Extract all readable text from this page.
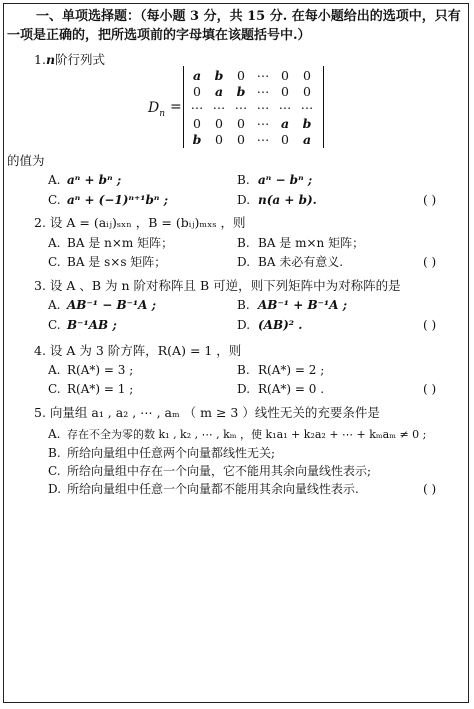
一、单项选择题：（每小题 3 分，共 15 分. 在每小题给出的选项中，只有
一项是正确的，把所选项前的字母填在该题括号中.）
1.n阶行列式
$D_n$ =
a	b	0 ⋯ 0	0
0	a	b ⋯ 0	0
⋯ ⋯ ⋯ ⋯ ⋯ ⋯
0	0	0 ⋯ a	b
b	0	0 ⋯ 0	a
的值为
A. aⁿ + bⁿ ;	B. aⁿ − bⁿ ;
C. aⁿ + (−1)ⁿ⁺¹bⁿ ;	D. n(a + b).	( )
2. 设 A = (aᵢⱼ)ₛₓₙ ，B = (bᵢⱼ)ₘₓₛ ，则
A. BA 是 n×m 矩阵；	B. BA 是 m×n 矩阵；
C. BA 是 s×s 矩阵；	D. BA 未必有意义.	( )
3. 设 A 、B 为 n 阶对称阵且 B 可逆，则下列矩阵中为对称阵的是
A. AB⁻¹ − B⁻¹A ;	B. AB⁻¹ + B⁻¹A ;
C. B⁻¹AB ;	D. (AB)² .	( )
4. 设 A 为 3 阶方阵，R(A) = 1 ，则
A. R(A*) = 3 ;	B. R(A*) = 2 ;
C. R(A*) = 1 ;	D. R(A*) = 0 .	( )
5. 向量组 a₁ , a₂ , ⋯ , aₘ （ m ≥ 3 ）线性无关的充要条件是
A. 存在不全为零的数 k₁ , k₂ , ⋯ , kₘ ，使 k₁a₁ + k₂a₂ + ⋯ + kₘaₘ ≠ 0 ;
B. 所给向量组中任意两个向量都线性无关;
C. 所给向量组中存在一个向量，它不能用其余向量线性表示;
D. 所给向量组中任意一个向量都不能用其余向量线性表示.	( )
